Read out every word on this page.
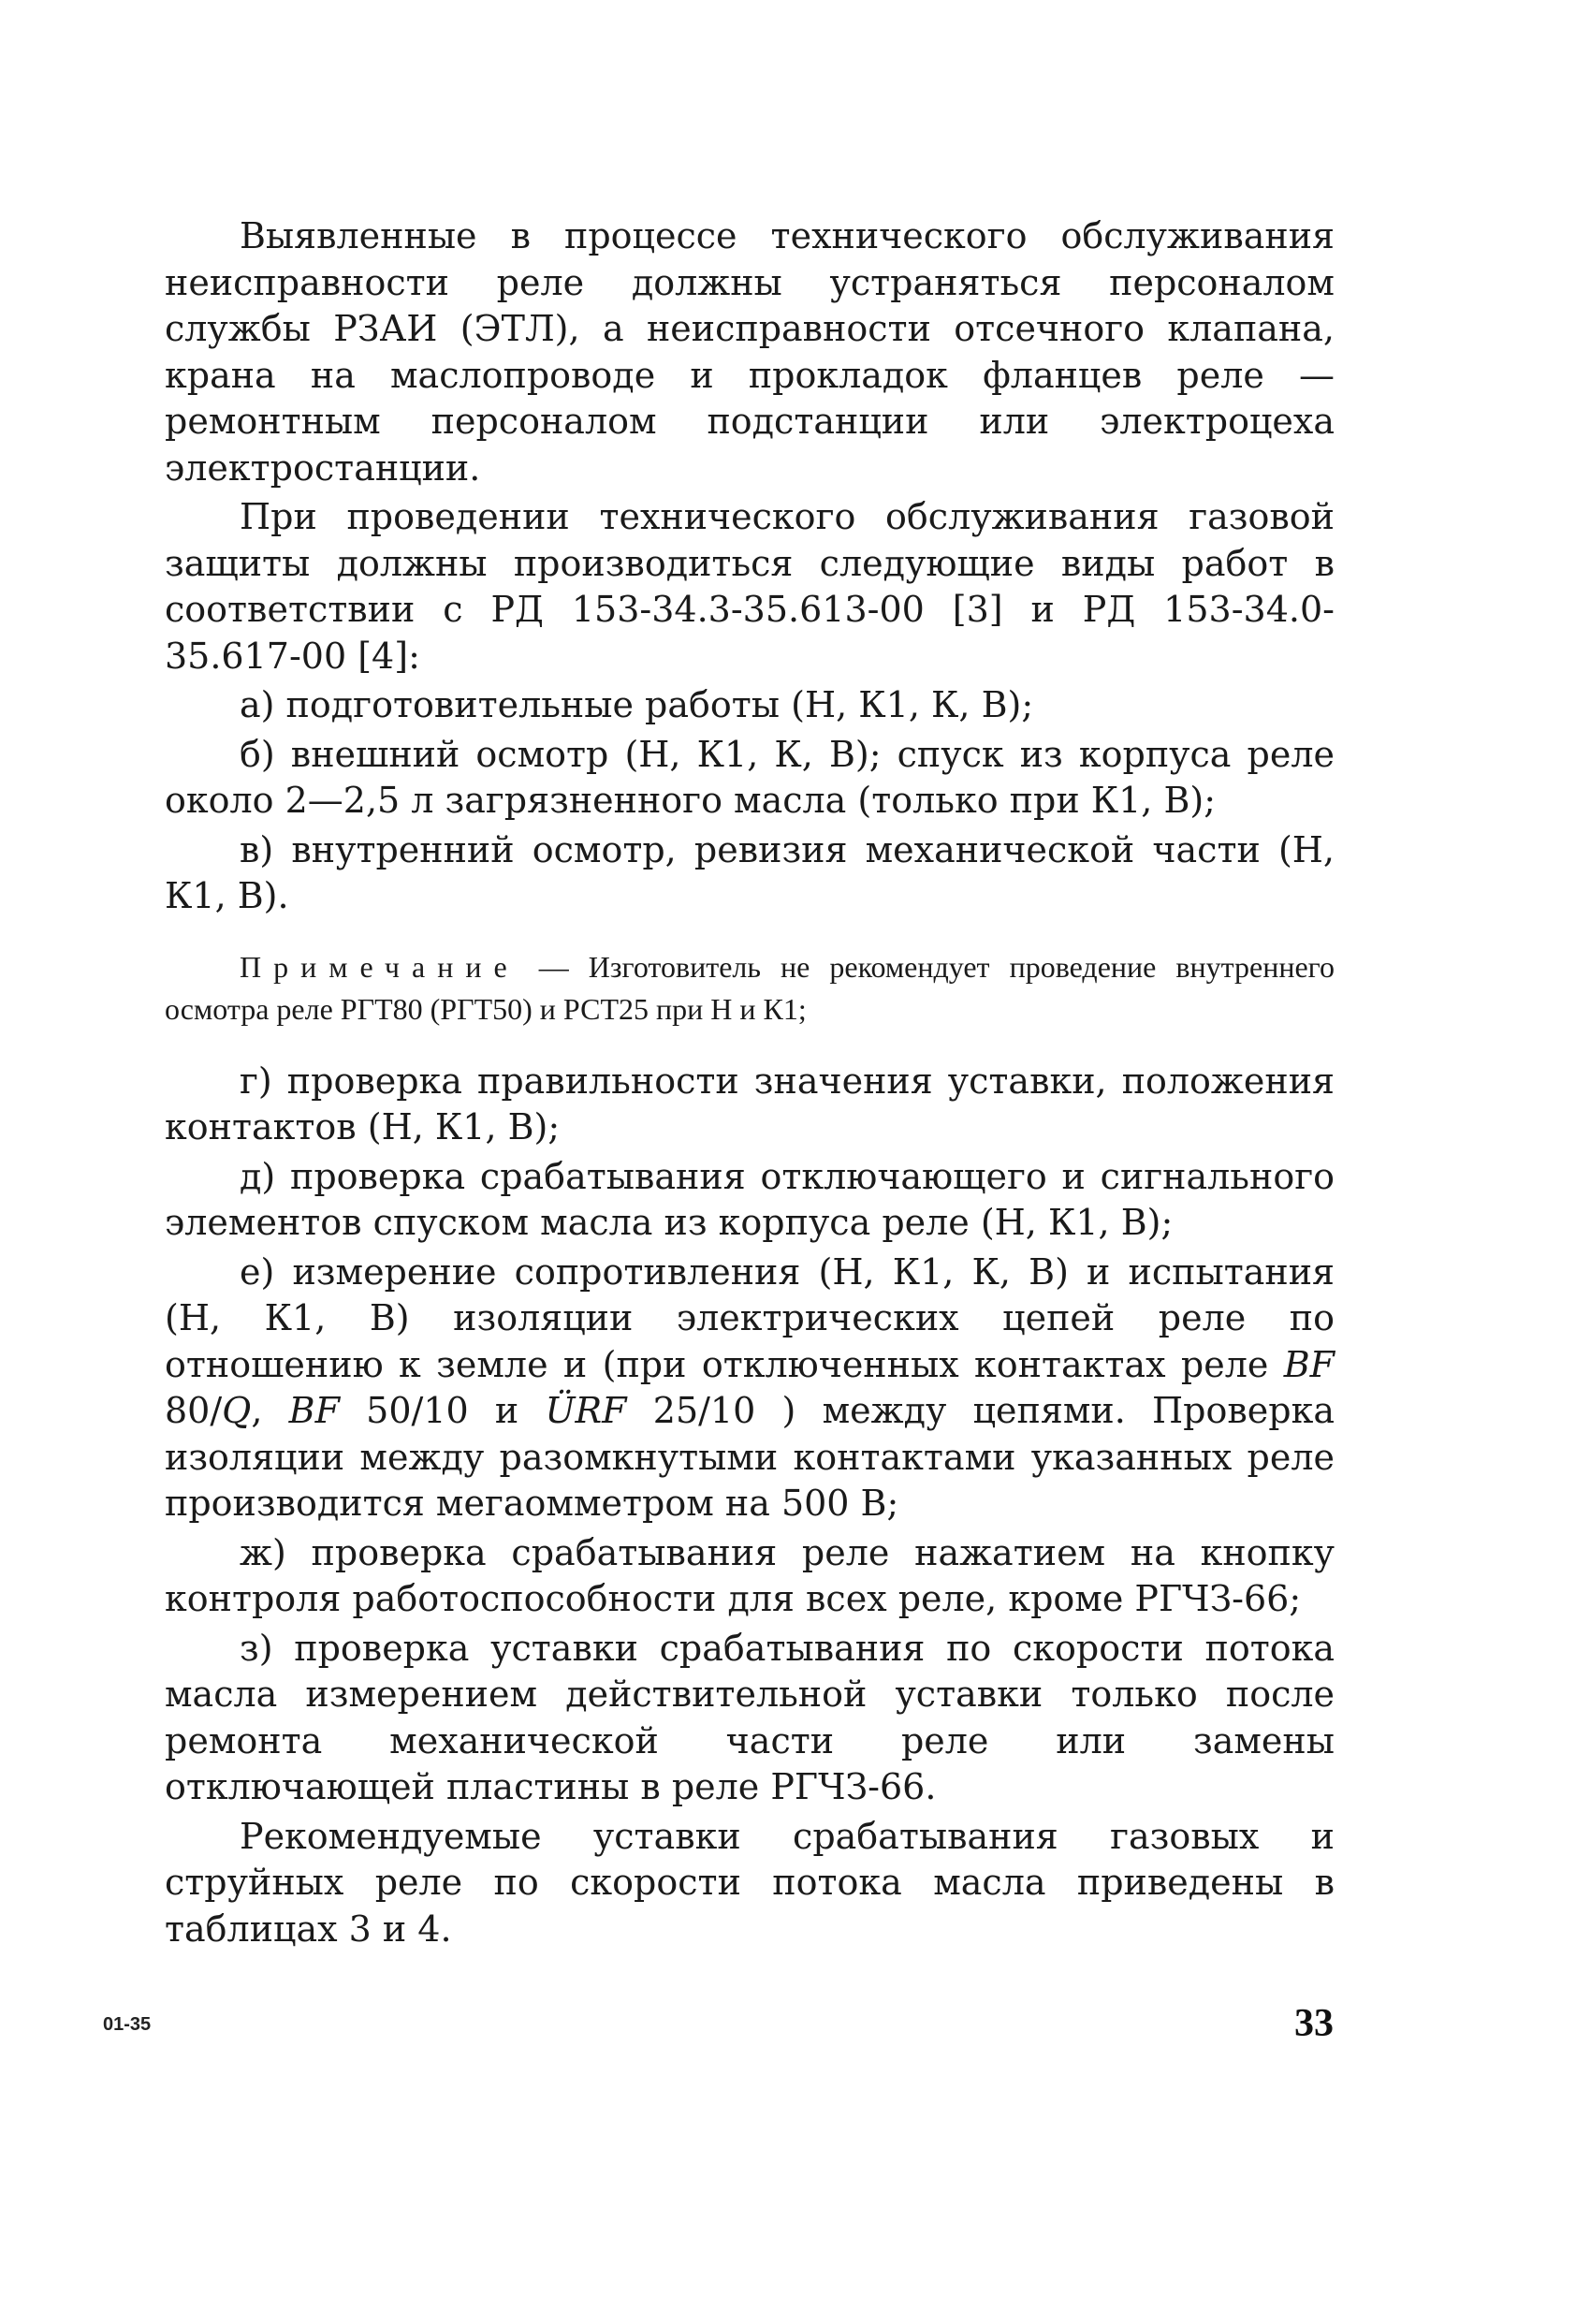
Выявленные в процессе технического обслуживания неисправности реле должны устраняться персоналом службы РЗАИ (ЭТЛ), а неисправности отсечного клапана, крана на маслопроводе и прокладок фланцев реле — ремонтным персоналом подстанции или электроцеха электростанции.

При проведении технического обслуживания газовой защиты должны производиться следующие виды работ в соответствии с РД 153-34.3-35.613-00 [3] и РД 153-34.0-35.617-00 [4]:

а) подготовительные работы (Н, К1, К, В);

б) внешний осмотр (Н, К1, К, В); спуск из корпуса реле около 2—2,5 л загрязненного масла (только при К1, В);

в) внутренний осмотр, ревизия механической части (Н, К1, В).

Примечание — Изготовитель не рекомендует проведение внутреннего осмотра реле РГТ80 (РГТ50) и РСТ25 при Н и К1;

г) проверка правильности значения уставки, положения контактов (Н, К1, В);

д) проверка срабатывания отключающего и сигнального элементов спуском масла из корпуса реле (Н, К1, В);

е) измерение сопротивления (Н, К1, К, В) и испытания (Н, К1, В) изоляции электрических цепей реле по отношению к земле и (при отключенных контактах реле BF 80/Q, BF 50/10 и ÜRF 25/10 ) между цепями. Проверка изоляции между разомкнутыми контактами указанных реле производится мегаомметром на 500 В;

ж) проверка срабатывания реле нажатием на кнопку контроля работоспособности для всех реле, кроме РГЧЗ-66;

з) проверка уставки срабатывания по скорости потока масла измерением действительной уставки только после ремонта механической части реле или замены отключающей пластины в реле РГЧЗ-66.

Рекомендуемые уставки срабатывания газовых и струйных реле по скорости потока масла приведены в таблицах 3 и 4.

01-35	33
